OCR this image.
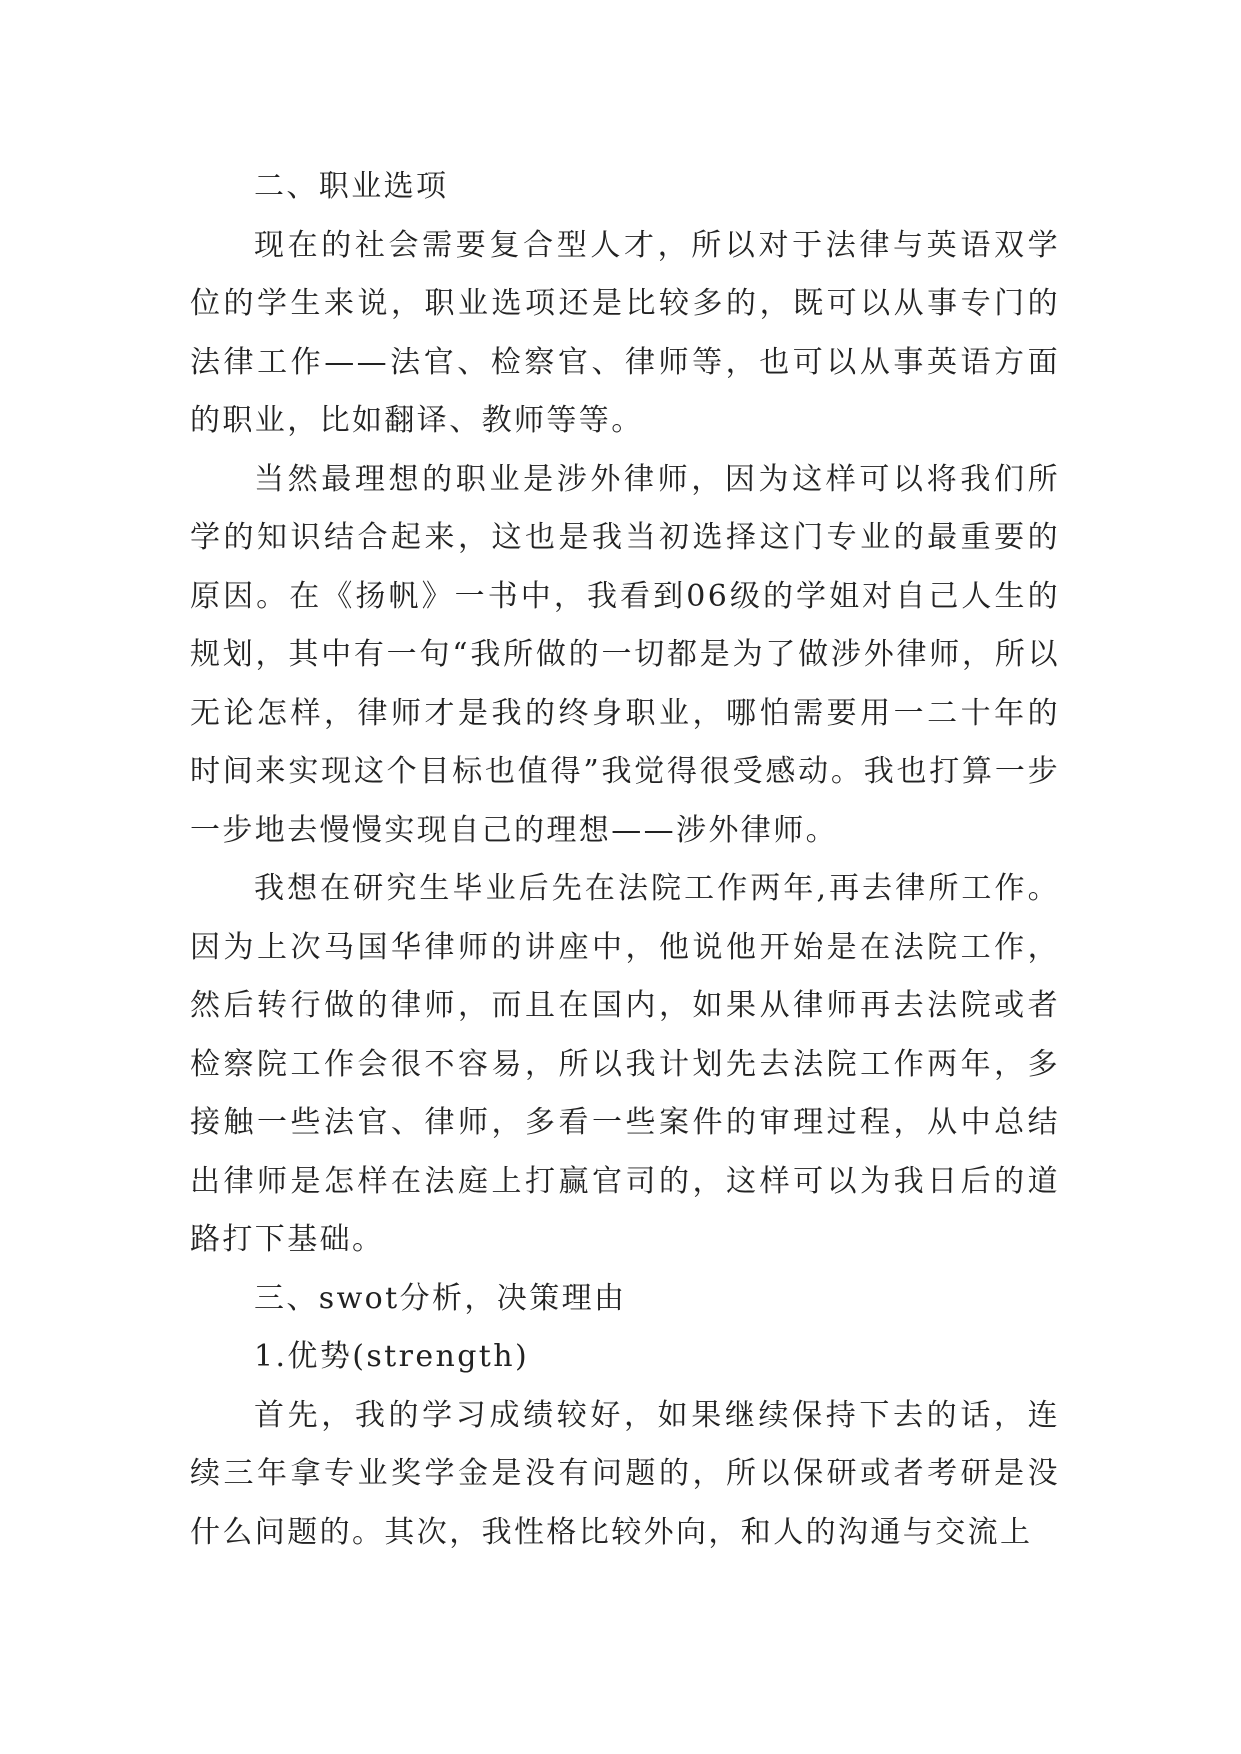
二、职业选项

现在的社会需要复合型人才，所以对于法律与英语双学位的学生来说，职业选项还是比较多的，既可以从事专门的法律工作——法官、检察官、律师等，也可以从事英语方面的职业，比如翻译、教师等等。

当然最理想的职业是涉外律师，因为这样可以将我们所学的知识结合起来，这也是我当初选择这门专业的最重要的原因。在《扬帆》一书中，我看到06级的学姐对自己人生的规划，其中有一句“我所做的一切都是为了做涉外律师，所以无论怎样，律师才是我的终身职业，哪怕需要用一二十年的时间来实现这个目标也值得”我觉得很受感动。我也打算一步一步地去慢慢实现自己的理想——涉外律师。

我想在研究生毕业后先在法院工作两年,再去律所工作。因为上次马国华律师的讲座中，他说他开始是在法院工作，然后转行做的律师，而且在国内，如果从律师再去法院或者检察院工作会很不容易，所以我计划先去法院工作两年，多接触一些法官、律师，多看一些案件的审理过程，从中总结出律师是怎样在法庭上打赢官司的，这样可以为我日后的道路打下基础。

三、swot分析，决策理由

1.优势(strength)

首先，我的学习成绩较好，如果继续保持下去的话，连续三年拿专业奖学金是没有问题的，所以保研或者考研是没什么问题的。其次，我性格比较外向，和人的沟通与交流上
